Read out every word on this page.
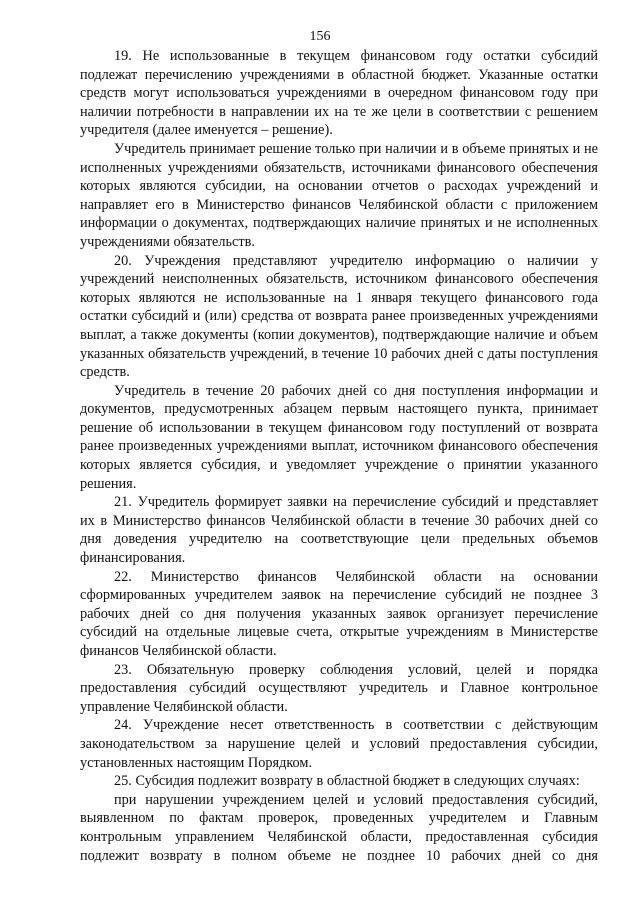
156

19. Не использованные в текущем финансовом году остатки субсидий подлежат перечислению учреждениями в областной бюджет. Указанные остатки средств могут использоваться учреждениями в очередном финансовом году при наличии потребности в направлении их на те же цели в соответствии с решением учредителя (далее именуется – решение).

Учредитель принимает решение только при наличии и в объеме принятых и не исполненных учреждениями обязательств, источниками финансового обеспечения которых являются субсидии, на основании отчетов о расходах учреждений и направляет его в Министерство финансов Челябинской области с приложением информации о документах, подтверждающих наличие принятых и не исполненных учреждениями обязательств.

20. Учреждения представляют учредителю информацию о наличии у учреждений неисполненных обязательств, источником финансового обеспечения которых являются не использованные на 1 января текущего финансового года остатки субсидий и (или) средства от возврата ранее произведенных учреждениями выплат, а также документы (копии документов), подтверждающие наличие и объем указанных обязательств учреждений, в течение 10 рабочих дней с даты поступления средств.

Учредитель в течение 20 рабочих дней со дня поступления информации и документов, предусмотренных абзацем первым настоящего пункта, принимает решение об использовании в текущем финансовом году поступлений от возврата ранее произведенных учреждениями выплат, источником финансового обеспечения которых является субсидия, и уведомляет учреждение о принятии указанного решения.

21. Учредитель формирует заявки на перечисление субсидий и представляет их в Министерство финансов Челябинской области в течение 30 рабочих дней со дня доведения учредителю на соответствующие цели предельных объемов финансирования.

22. Министерство финансов Челябинской области на основании сформированных учредителем заявок на перечисление субсидий не позднее 3 рабочих дней со дня получения указанных заявок организует перечисление субсидий на отдельные лицевые счета, открытые учреждениям в Министерстве финансов Челябинской области.

23. Обязательную проверку соблюдения условий, целей и порядка предоставления субсидий осуществляют учредитель и Главное контрольное управление Челябинской области.

24. Учреждение несет ответственность в соответствии с действующим законодательством за нарушение целей и условий предоставления субсидии, установленных настоящим Порядком.

25. Субсидия подлежит возврату в областной бюджет в следующих случаях:

при нарушении учреждением целей и условий предоставления субсидий, выявленном по фактам проверок, проведенных учредителем и Главным контрольным управлением Челябинской области, предоставленная субсидия подлежит возврату в полном объеме не позднее 10 рабочих дней со дня
